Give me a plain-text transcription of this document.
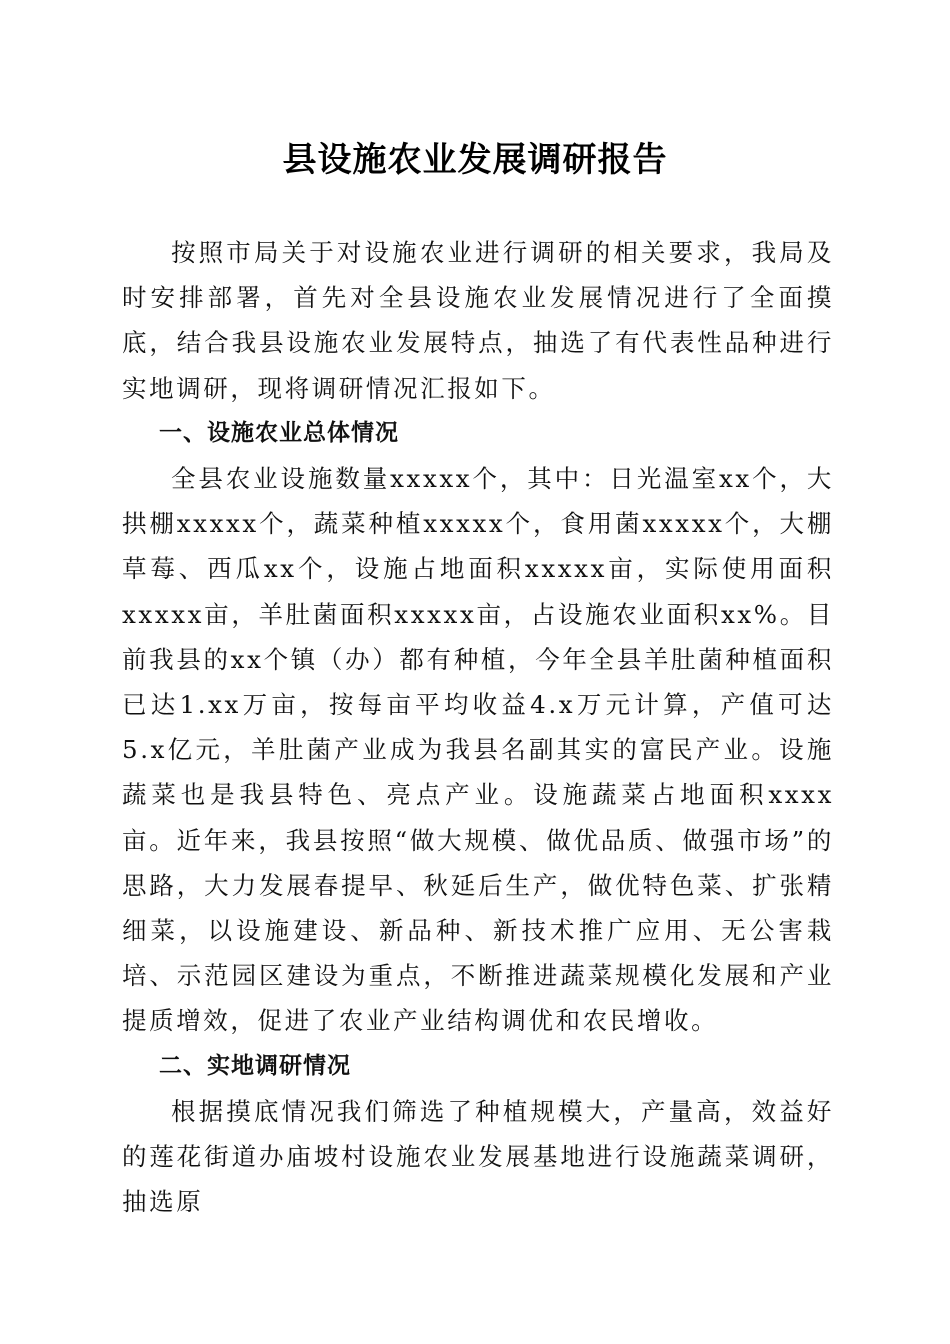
县设施农业发展调研报告

按照市局关于对设施农业进行调研的相关要求，我局及时安排部署，首先对全县设施农业发展情况进行了全面摸底，结合我县设施农业发展特点，抽选了有代表性品种进行实地调研，现将调研情况汇报如下。

一、设施农业总体情况

全县农业设施数量xxxxx个，其中：日光温室xx个，大拱棚xxxxx个，蔬菜种植xxxxx个，食用菌xxxxx个，大棚草莓、西瓜xx个，设施占地面积xxxxx亩，实际使用面积xxxxx亩，羊肚菌面积xxxxx亩，占设施农业面积xx%。目前我县的xx个镇（办）都有种植，今年全县羊肚菌种植面积已达1.xx万亩，按每亩平均收益4.x万元计算，产值可达5.x亿元，羊肚菌产业成为我县名副其实的富民产业。设施蔬菜也是我县特色、亮点产业。设施蔬菜占地面积xxxx亩。近年来，我县按照“做大规模、做优品质、做强市场”的思路，大力发展春提早、秋延后生产，做优特色菜、扩张精细菜，以设施建设、新品种、新技术推广应用、无公害栽培、示范园区建设为重点，不断推进蔬菜规模化发展和产业提质增效，促进了农业产业结构调优和农民增收。

二、实地调研情况

根据摸底情况我们筛选了种植规模大，产量高，效益好的莲花街道办庙坡村设施农业发展基地进行设施蔬菜调研，抽选原
